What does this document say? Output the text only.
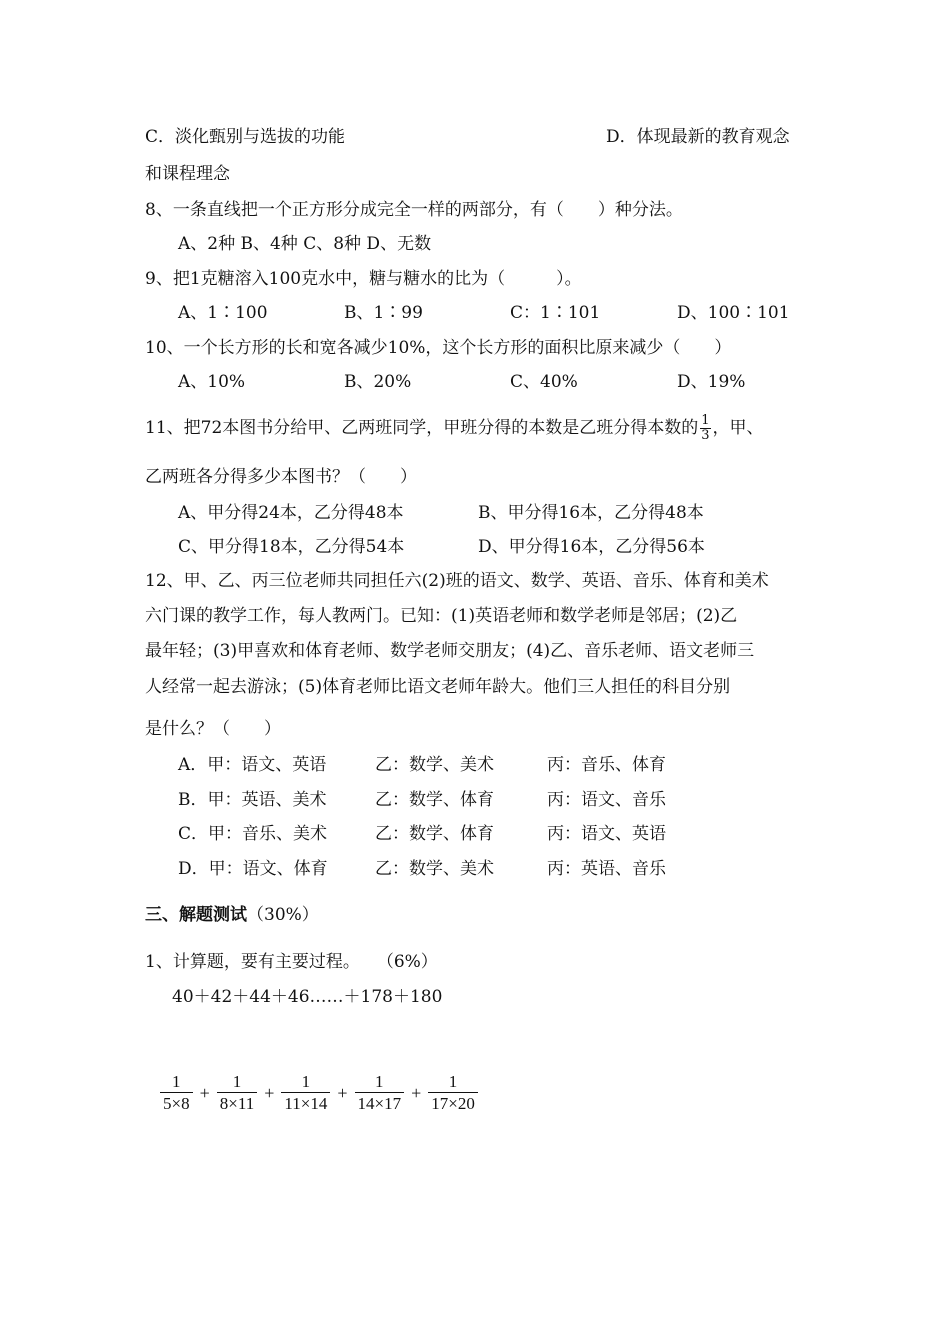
C．淡化甄别与选拔的功能	D．体现最新的教育观念
和课程理念
8、一条直线把一个正方形分成完全一样的两部分，有（　　）种分法。
A、2种 B、4种 C、8种 D、无数
9、把1克糖溶入100克水中，糖与糖水的比为（　　　）。
A、1∶100	B、1∶99	C：1∶101	D、100∶101
10、一个长方形的长和宽各减少10%，这个长方形的面积比原来减少（　　）
A、10%	B、20%	C、40%	D、19%
11、把72本图书分给甲、乙两班同学，甲班分得的本数是乙班分得本数的 $\frac{1}{3}$ ，甲、
乙两班各分得多少本图书？（　　）
A、甲分得24本，乙分得48本	B、甲分得16本，乙分得48本
C、甲分得18本，乙分得54本	D、甲分得16本，乙分得56本
12、甲、乙、丙三位老师共同担任六(2)班的语文、数学、英语、音乐、体育和美术
六门课的教学工作，每人教两门。已知：(1)英语老师和数学老师是邻居；(2)乙
最年轻；(3)甲喜欢和体育老师、数学老师交朋友；(4)乙、音乐老师、语文老师三
人经常一起去游泳；(5)体育老师比语文老师年龄大。他们三人担任的科目分别
是什么？（　　）
A．甲：语文、英语	乙：数学、美术	丙：音乐、体育
B．甲：英语、美术	乙：数学、体育	丙：语文、音乐
C．甲：音乐、美术	乙：数学、体育	丙：语文、英语
D．甲：语文、体育	乙：数学、美术	丙：英语、音乐
三、解题测试（30%）
1、计算题，要有主要过程。　　（6%）
40＋42＋44＋46……＋178＋180
1
5×8
+
1
8×11
+
1
11×14
+
1
14×17
+
1
17×20
